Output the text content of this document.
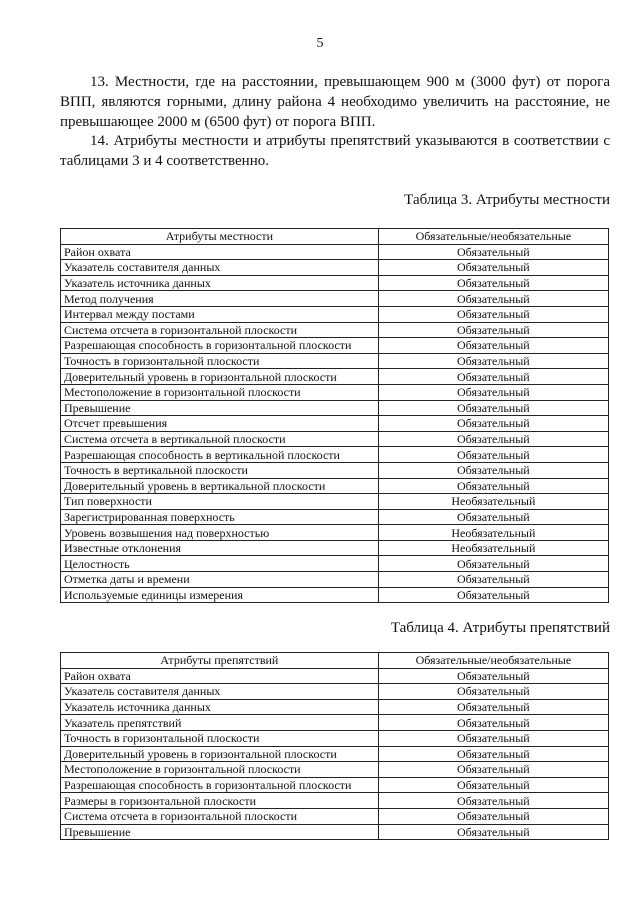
5

13. Местности, где на расстоянии, превышающем 900 м (3000 фут) от порога ВПП, являются горными, длину района 4 необходимо увеличить на расстояние, не превышающее 2000 м (6500 фут) от порога ВПП.

14. Атрибуты местности и атрибуты препятствий указываются в соответствии с таблицами 3 и 4 соответственно.

Таблица 3. Атрибуты местности

Атрибуты местности	Обязательные/необязательные
Район охвата	Обязательный
Указатель составителя данных	Обязательный
Указатель источника данных	Обязательный
Метод получения	Обязательный
Интервал между постами	Обязательный
Система отсчета в горизонтальной плоскости	Обязательный
Разрешающая способность в горизонтальной плоскости	Обязательный
Точность в горизонтальной плоскости	Обязательный
Доверительный уровень в горизонтальной плоскости	Обязательный
Местоположение в горизонтальной плоскости	Обязательный
Превышение	Обязательный
Отсчет превышения	Обязательный
Система отсчета в вертикальной плоскости	Обязательный
Разрешающая способность в вертикальной плоскости	Обязательный
Точность в вертикальной плоскости	Обязательный
Доверительный уровень в вертикальной плоскости	Обязательный
Тип поверхности	Необязательный
Зарегистрированная поверхность	Обязательный
Уровень возвышения над поверхностью	Необязательный
Известные отклонения	Необязательный
Целостность	Обязательный
Отметка даты и времени	Обязательный
Используемые единицы измерения	Обязательный

Таблица 4. Атрибуты препятствий

Атрибуты препятствий	Обязательные/необязательные
Район охвата	Обязательный
Указатель составителя данных	Обязательный
Указатель источника данных	Обязательный
Указатель препятствий	Обязательный
Точность в горизонтальной плоскости	Обязательный
Доверительный уровень в горизонтальной плоскости	Обязательный
Местоположение в горизонтальной плоскости	Обязательный
Разрешающая способность в горизонтальной плоскости	Обязательный
Размеры в горизонтальной плоскости	Обязательный
Система отсчета в горизонтальной плоскости	Обязательный
Превышение	Обязательный
